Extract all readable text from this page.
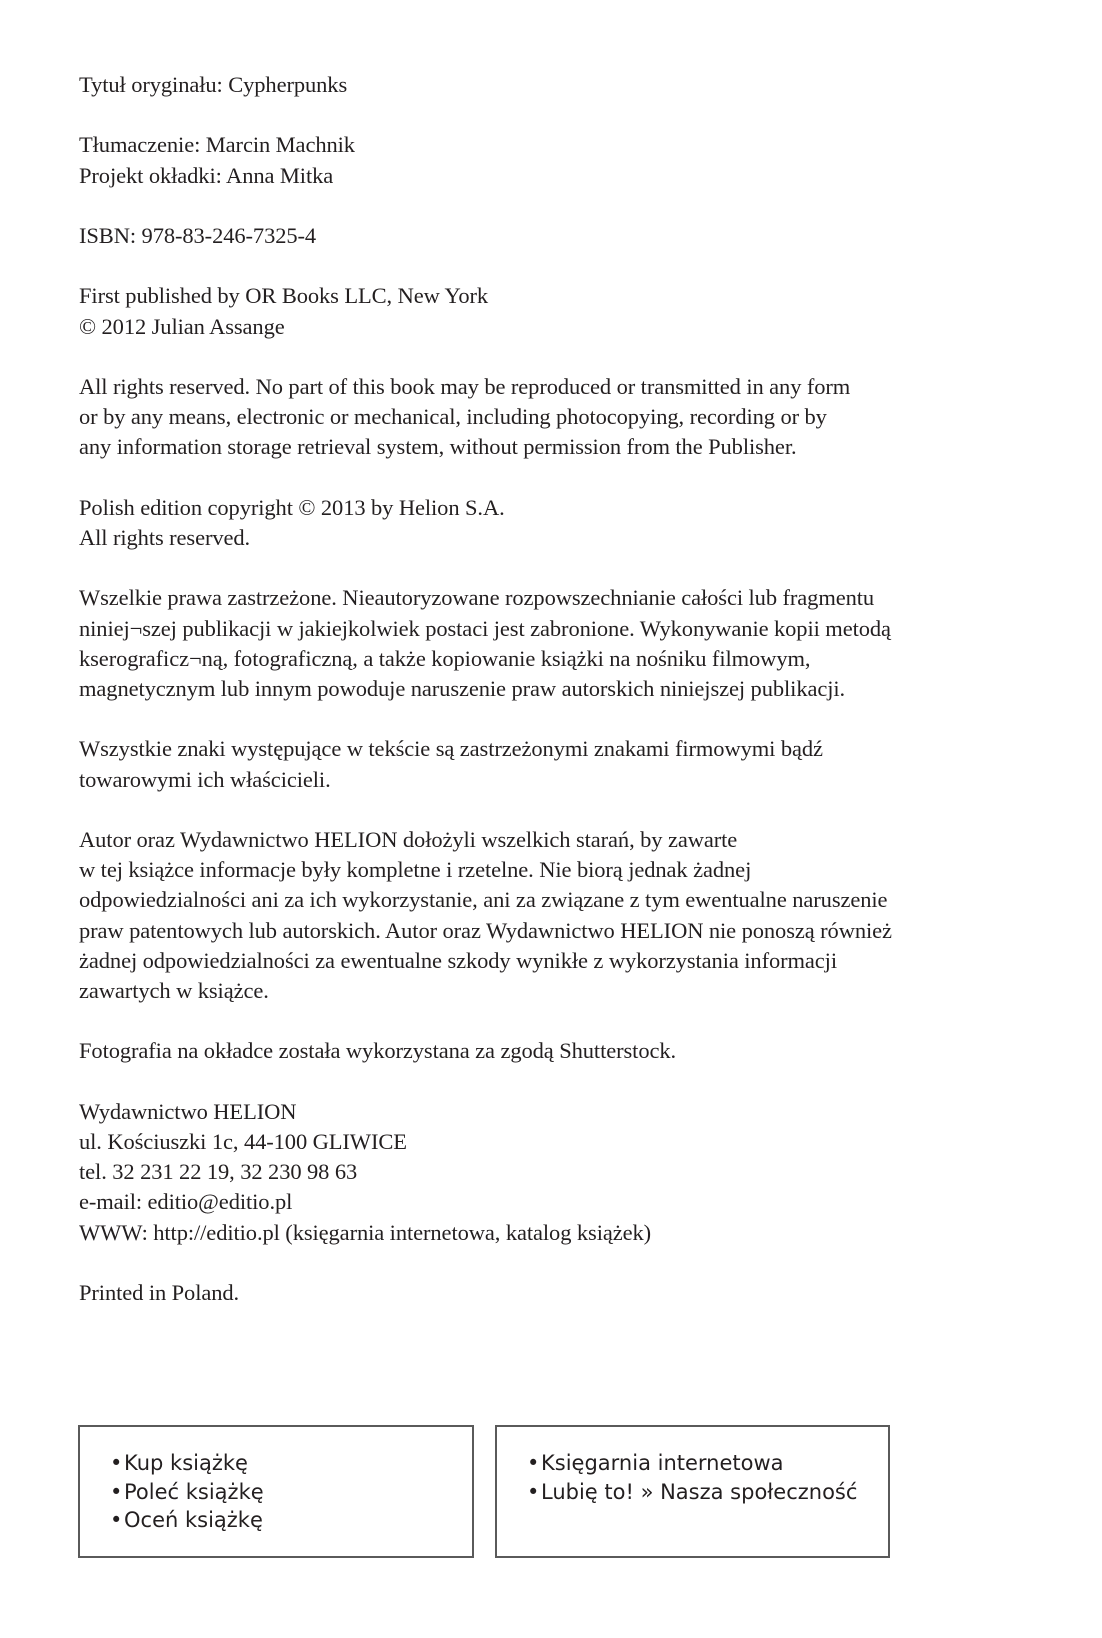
Tytuł oryginału: Cypherpunks

Tłumaczenie: Marcin Machnik
Projekt okładki: Anna Mitka

ISBN: 978-83-246-7325-4

First published by OR Books LLC, New York
© 2012 Julian Assange

All rights reserved. No part of this book may be reproduced or transmitted in any form
or by any means, electronic or mechanical, including photocopying, recording or by
any information storage retrieval system, without permission from the Publisher.

Polish edition copyright © 2013 by Helion S.A.
All rights reserved.

Wszelkie prawa zastrzeżone. Nieautoryzowane rozpowszechnianie całości lub fragmentu
niniej¬szej publikacji w jakiejkolwiek postaci jest zabronione. Wykonywanie kopii metodą
kserograficz¬ną, fotograficzną, a także kopiowanie książki na nośniku filmowym,
magnetycznym lub innym powoduje naruszenie praw autorskich niniejszej publikacji.

Wszystkie znaki występujące w tekście są zastrzeżonymi znakami firmowymi bądź
towarowymi ich właścicieli.

Autor oraz Wydawnictwo HELION dołożyli wszelkich starań, by zawarte
w tej książce informacje były kompletne i rzetelne. Nie biorą jednak żadnej
odpowiedzialności ani za ich wykorzystanie, ani za związane z tym ewentualne naruszenie
praw patentowych lub autorskich. Autor oraz Wydawnictwo HELION nie ponoszą również
żadnej odpowiedzialności za ewentualne szkody wynikłe z wykorzystania informacji
zawartych w książce.

Fotografia na okładce została wykorzystana za zgodą Shutterstock.

Wydawnictwo HELION
ul. Kościuszki 1c, 44-100 GLIWICE
tel. 32 231 22 19, 32 230 98 63
e-mail: editio@editio.pl
WWW: http://editio.pl (księgarnia internetowa, katalog książek)

Printed in Poland.

•Kup książkę
•Poleć książkę
•Oceń książkę
•Księgarnia internetowa
•Lubię to! » Nasza społeczność
